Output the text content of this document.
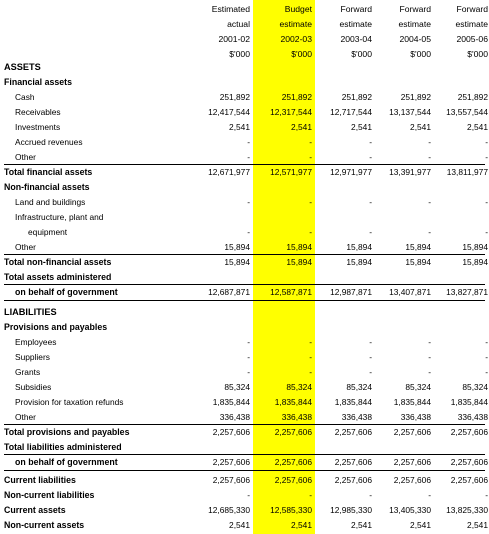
Estimated	Budget	Forward	Forward	Forward
actual	estimate	estimate	estimate	estimate
2001-02	2002-03	2003-04	2004-05	2005-06
$'000	$'000	$'000	$'000	$'000
ASSETS
Financial assets
Cash	251,892	251,892	251,892	251,892	251,892
Receivables	12,417,544	12,317,544	12,717,544	13,137,544	13,557,544
Investments	2,541	2,541	2,541	2,541	2,541
Accrued revenues	-	-	-	-	-
Other	-	-	-	-	-
Total financial assets	12,671,977	12,571,977	12,971,977	13,391,977	13,811,977
Non-financial assets
Land and buildings	-	-	-	-	-
Infrastructure, plant and
equipment	-	-	-	-	-
Other	15,894	15,894	15,894	15,894	15,894
Total non-financial assets	15,894	15,894	15,894	15,894	15,894
Total assets administered
on behalf of government	12,687,871	12,587,871	12,987,871	13,407,871	13,827,871
LIABILITIES
Provisions and payables
Employees	-	-	-	-	-
Suppliers	-	-	-	-	-
Grants	-	-	-	-	-
Subsidies	85,324	85,324	85,324	85,324	85,324
Provision for taxation refunds	1,835,844	1,835,844	1,835,844	1,835,844	1,835,844
Other	336,438	336,438	336,438	336,438	336,438
Total provisions and payables	2,257,606	2,257,606	2,257,606	2,257,606	2,257,606
Total liabilities administered
on behalf of government	2,257,606	2,257,606	2,257,606	2,257,606	2,257,606
Current liabilities	2,257,606	2,257,606	2,257,606	2,257,606	2,257,606
Non-current liabilities	-	-	-	-	-
Current assets	12,685,330	12,585,330	12,985,330	13,405,330	13,825,330
Non-current assets	2,541	2,541	2,541	2,541	2,541
